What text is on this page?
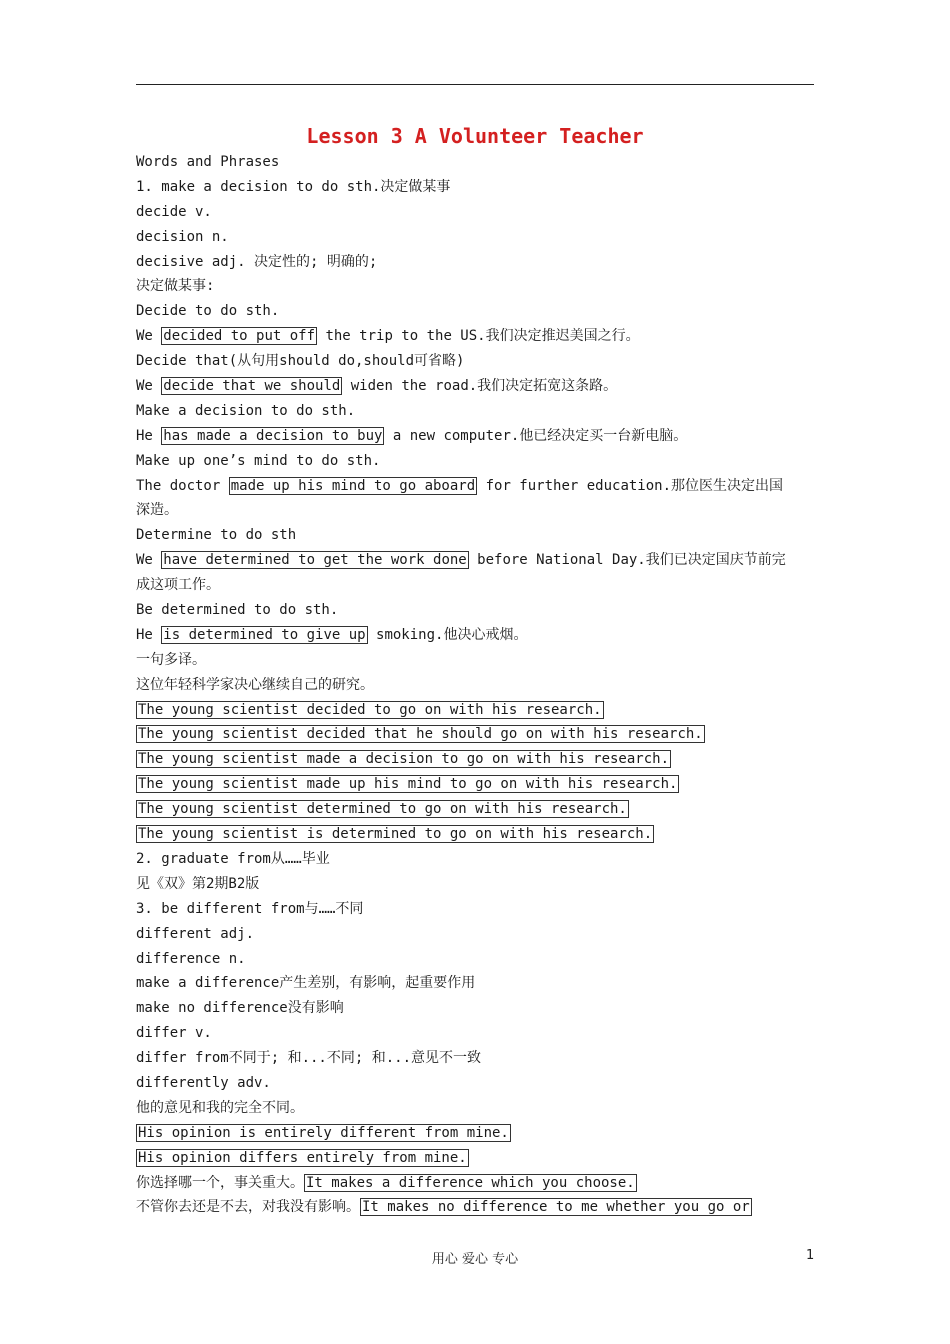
Lesson 3 A Volunteer Teacher
Words and Phrases
1. make a decision to do sth.决定做某事
decide v.
decision n.
decisive adj. 决定性的; 明确的;
决定做某事:
Decide to do sth.
We decided to put off the trip to the US.我们决定推迟美国之行。
Decide that(从句用should do,should可省略)
We decide that we should widen the road.我们决定拓宽这条路。
Make a decision to do sth.
He has made a decision to buy a new computer.他已经决定买一台新电脑。
Make up one’s mind to do sth.
The doctor made up his mind to go aboard for further education.那位医生决定出国
深造。
Determine to do sth
We have determined to get the work done before National Day.我们已决定国庆节前完
成这项工作。
Be determined to do sth.
He is determined to give up smoking.他决心戒烟。
一句多译。
这位年轻科学家决心继续自己的研究。
The young scientist decided to go on with his research.
The young scientist decided that he should go on with his research.
The young scientist made a decision to go on with his research.
The young scientist made up his mind to go on with his research.
The young scientist determined to go on with his research.
The young scientist is determined to go on with his research.
2. graduate from从……毕业
见《双》第2期B2版
3. be different from与……不同
different adj.
difference n.
make a difference产生差别，有影响，起重要作用
make no difference没有影响
differ v.
differ from不同于; 和...不同; 和...意见不一致
differently adv.
他的意见和我的完全不同。
His opinion is entirely different from mine.
His opinion differs entirely from mine.
你选择哪一个，事关重大。 It makes a difference which you choose.
不管你去还是不去，对我没有影响。 It makes no difference to me whether you go or
用心 爱心 专心	1
